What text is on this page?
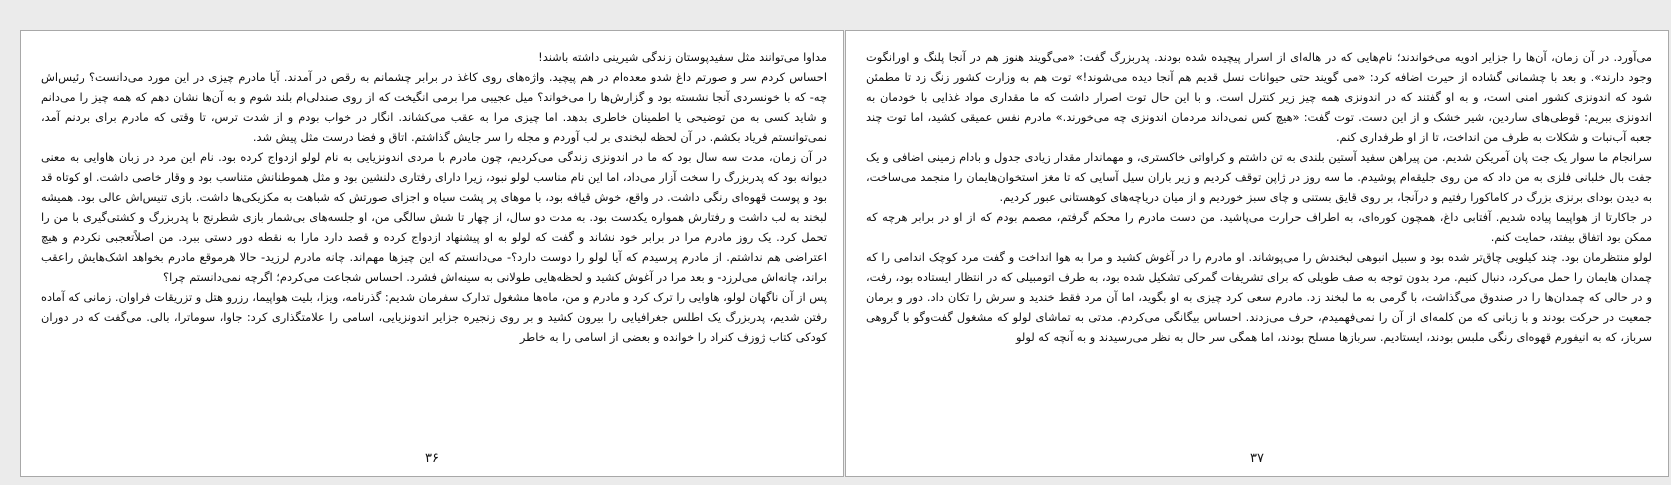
مداوا می‌توانند مثل سفیدپوستان زندگی شیرینی داشته باشند!

احساس کردم سر و صورتم داغ شدو معده‌ام در هم پیچید. واژه‌های روی کاغذ در برابر چشمانم به رقص در آمدند. آیا مادرم چیزی در این مورد می‌دانست؟ رئیس‌اش چه- که با خونسردی آنجا نشسته بود و گزارش‌ها را می‌خواند؟ میل عجیبی مرا برمی انگیخت که از روی صندلی‌ام بلند شوم و به آن‌ها نشان دهم که همه چیز را می‌دانم و شاید کسی به من توضیحی یا اطمینان خاطری بدهد. اما چیزی مرا به عقب می‌کشاند. انگار در خواب بودم و از شدت ترس، تا وقتی که مادرم برای بردنم آمد، نمی‌توانستم فریاد بکشم. در آن لحظه لبخندی بر لب آوردم و مجله را سر جایش گذاشتم. اتاق و فضا درست مثل پیش شد.

در آن زمان، مدت سه سال بود که ما در اندونزی زندگی می‌کردیم، چون مادرم با مردی اندونزیایی به نام لولو ازدواج کرده بود. نام این مرد در زبان هاوایی به معنی دیوانه بود که پدربزرگ را سخت آزار می‌داد، اما این نام مناسب لولو نبود، زیرا دارای رفتاری دلنشین بود و مثل هموطنانش متناسب بود و وقار خاصی داشت. او کوتاه قد بود و پوست قهوه‌ای رنگی داشت. در واقع، خوش قیافه بود، با موهای پر پشت سیاه و اجزای صورتش که شباهت به مکزیکی‌ها داشت. بازی تنیس‌اش عالی بود. همیشه لبخند به لب داشت و رفتارش همواره یکدست بود. به مدت دو سال، از چهار تا شش سالگی من، او جلسه‌های بی‌شمار بازی شطرنج با پدربزرگ و کشتی‌گیری با من را تحمل کرد. یک روز مادرم مرا در برابر خود نشاند و گفت که لولو به او پیشنهاد ازدواج کرده و قصد دارد مارا به نقطه دور دستی ببرد. من اصلاً‌تعجبی نکردم و هیچ اعتراضی هم نداشتم. از مادرم پرسیدم که آیا لولو را دوست دارد؟- می‌دانستم که این چیزها مهم‌اند. چانه مادرم لرزید- حالا هرموقع مادرم بخواهد اشک‌هایش راعقب براند، چانه‌اش می‌لرزد- و بعد مرا در آغوش کشید و لحظه‌هایی طولانی به سینه‌اش فشرد. احساس شجاعت می‌کردم؛ اگرچه نمی‌دانستم چرا؟

پس از آن ناگهان لولو، هاوایی را ترک کرد و مادرم و من، ماه‌ها مشغول تدارک سفرمان شدیم: گذرنامه، ویزا، بلیت هواپیما، رزرو هتل و تزریقات فراوان. زمانی که آماده رفتن شدیم، پدربزرگ یک اطلس جغرافیایی را بیرون کشید و بر روی زنجیره جزایر اندونزیایی، اسامی را علامتگذاری کرد: جاوا، سوماترا، بالی. می‌گفت که در دوران کودکی کتاب ژوزف کنراد را خوانده و بعضی از اسامی را به خاطر

۳۶

می‌آورد. در آن زمان، آن‌ها را جزایر ادویه می‌خواندند؛ نام‌هایی که در هاله‌ای از اسرار پیچیده شده بودند. پدربزرگ گفت: «می‌گویند هنوز هم در آنجا پلنگ و اورانگوت وجود دارند». و بعد با چشمانی گشاده از حیرت اضافه کرد: «می گویند حتی حیوانات نسل قدیم هم آنجا دیده می‌شوند!» توت هم به وزارت کشور زنگ زد تا مطمئن شود که اندونزی کشور امنی است، و به او گفتند که در اندونزی همه چیز زیر کنترل است. و با این حال توت اصرار داشت که ما مقداری مواد غذایی با خودمان به اندونزی ببریم: قوطی‌های ساردین، شیر خشک و از این دست. توت گفت: «هیچ کس نمی‌داند مردمان اندونزی چه می‌خورند.» مادرم نفس عمیقی کشید، اما توت چند جعبه آب‌نبات و شکلات به طرف من انداخت، تا از او طرفداری کنم.

سرانجام ما سوار یک جت پان آمریکن شدیم. من پیراهن سفید آستین بلندی به تن داشتم و کراواتی خاکستری، و مهماندار مقدار زیادی جدول و بادام زمینی اضافی و یک جفت بال خلبانی فلزی به من داد که من روی جلیقه‌ام پوشیدم. ما سه روز در ژاپن توقف کردیم و زیر باران سیل آسایی که تا مغز استخوان‌هایمان را منجمد می‌ساخت، به دیدن بودای برنزی بزرگ در کاماکورا رفتیم و درآنجا، بر روی قایق بستنی و چای سبز خوردیم و از میان دریاچه‌های کوهستانی عبور کردیم.

در جاکارتا از هواپیما پیاده شدیم. آفتابی داغ، همچون کوره‌ای، به اطراف حرارت می‌پاشید. من دست مادرم را محکم گرفتم، مصمم بودم که از او در برابر هرچه که ممکن بود اتفاق بیفتد، حمایت کنم.

لولو منتظرمان بود. چند کیلویی چاق‌تر شده بود و سبیل انبوهی لبخندش را می‌پوشاند. او مادرم را در آغوش کشید و مرا به هوا انداخت و گفت مرد کوچک اندامی را که چمدان هایمان را حمل می‌کرد، دنبال کنیم. مرد بدون توجه به صف طویلی که برای تشریفات گمرکی تشکیل شده بود، به طرف اتومبیلی که در انتظار ایستاده بود، رفت، و در حالی که چمدان‌ها را در صندوق می‌گذاشت، با گرمی به ما لبخند زد. مادرم سعی کرد چیزی به او بگوید، اما آن مرد فقط خندید و سرش را تکان داد. دور و برمان جمعیت در حرکت بودند و با زبانی که من کلمه‌ای از آن را نمی‌فهمیدم، حرف می‌زدند. احساس بیگانگی می‌کردم. مدتی به تماشای لولو که مشغول گفت‌وگو با گروهی سرباز، که به انیفورم قهوه‌ای رنگی ملبس بودند، ایستادیم. سربازها مسلح بودند، اما همگی سر حال به نظر می‌رسیدند و به آنچه که لولو

۳۷
